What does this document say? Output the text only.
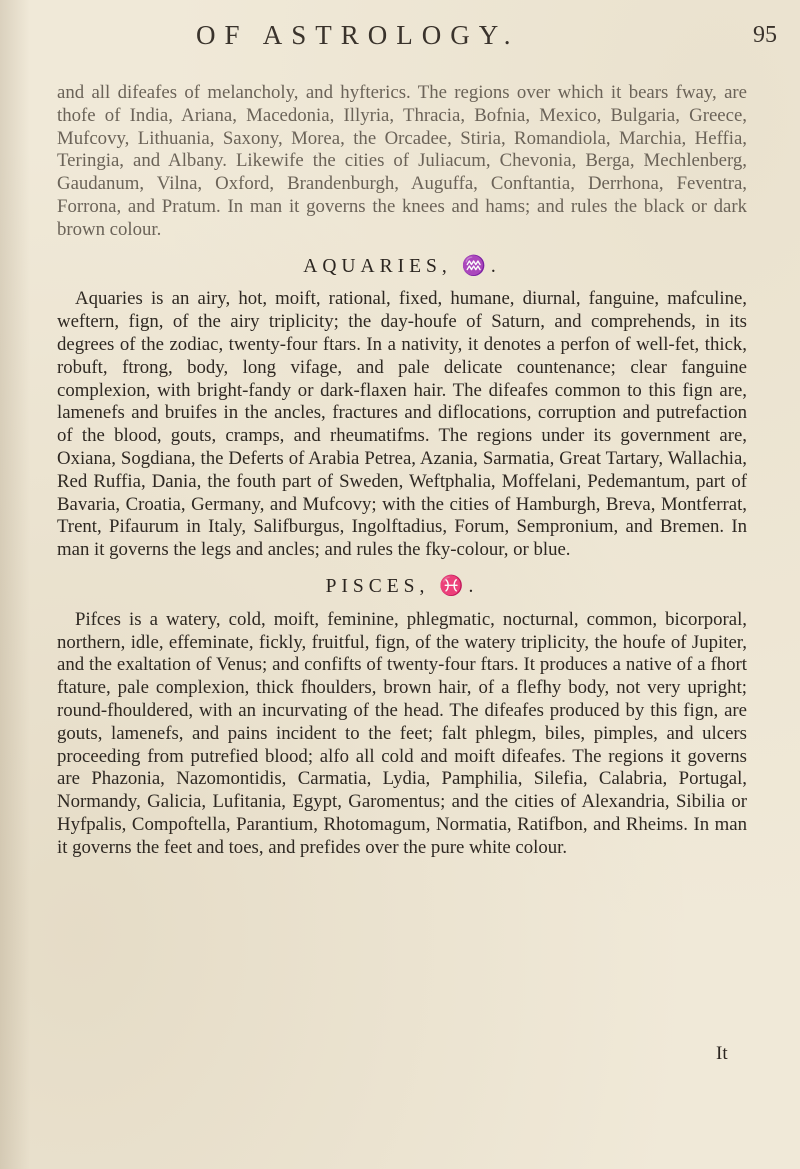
OF ASTROLOGY.	95

and all difeafes of melancholy, and hyfterics. The regions over which it bears fway, are thofe of India, Ariana, Macedonia, Illyria, Thracia, Bofnia, Mexico, Bulgaria, Greece, Mufcovy, Lithuania, Saxony, Morea, the Orcadee, Stiria, Romandiola, Marchia, Heffia, Teringia, and Albany. Likewife the cities of Juliacum, Chevonia, Berga, Mechlenberg, Gaudanum, Vilna, Oxford, Brandenburgh, Auguffa, Conftantia, Derrhona, Feventra, Forrona, and Pratum. In man it governs the knees and hams; and rules the black or dark brown colour.

AQUARIES, ♒.

Aquaries is an airy, hot, moift, rational, fixed, humane, diurnal, fanguine, mafculine, weftern, fign, of the airy triplicity; the day-houfe of Saturn, and comprehends, in its degrees of the zodiac, twenty-four ftars. In a nativity, it denotes a perfon of well-fet, thick, robuft, ftrong, body, long vifage, and pale delicate countenance; clear fanguine complexion, with bright-fandy or dark-flaxen hair. The difeafes common to this fign are, lamenefs and bruifes in the ancles, fractures and diflocations, corruption and putrefaction of the blood, gouts, cramps, and rheumatifms. The regions under its government are, Oxiana, Sogdiana, the Deferts of Arabia Petrea, Azania, Sarmatia, Great Tartary, Wallachia, Red Ruffia, Dania, the fouth part of Sweden, Weftphalia, Moffelani, Pedemantum, part of Bavaria, Croatia, Germany, and Mufcovy; with the cities of Hamburgh, Breva, Montferrat, Trent, Pifaurum in Italy, Salifburgus, Ingolftadius, Forum, Sempronium, and Bremen. In man it governs the legs and ancles; and rules the fky-colour, or blue.

PISCES, ♓.

Pifces is a watery, cold, moift, feminine, phlegmatic, nocturnal, common, bicorporal, northern, idle, effeminate, fickly, fruitful, fign, of the watery triplicity, the houfe of Jupiter, and the exaltation of Venus; and confifts of twenty-four ftars. It produces a native of a fhort ftature, pale complexion, thick fhoulders, brown hair, of a flefhy body, not very upright; round-fhouldered, with an incurvating of the head. The difeafes produced by this fign, are gouts, lamenefs, and pains incident to the feet; falt phlegm, biles, pimples, and ulcers proceeding from putrefied blood; alfo all cold and moift difeafes. The regions it governs are Phazonia, Nazomontidis, Carmatia, Lydia, Pamphilia, Silefia, Calabria, Portugal, Normandy, Galicia, Lufitania, Egypt, Garomentus; and the cities of Alexandria, Sibilia or Hyfpalis, Compoftella, Parantium, Rhotomagum, Normatia, Ratifbon, and Rheims. In man it governs the feet and toes, and prefides over the pure white colour.

It
